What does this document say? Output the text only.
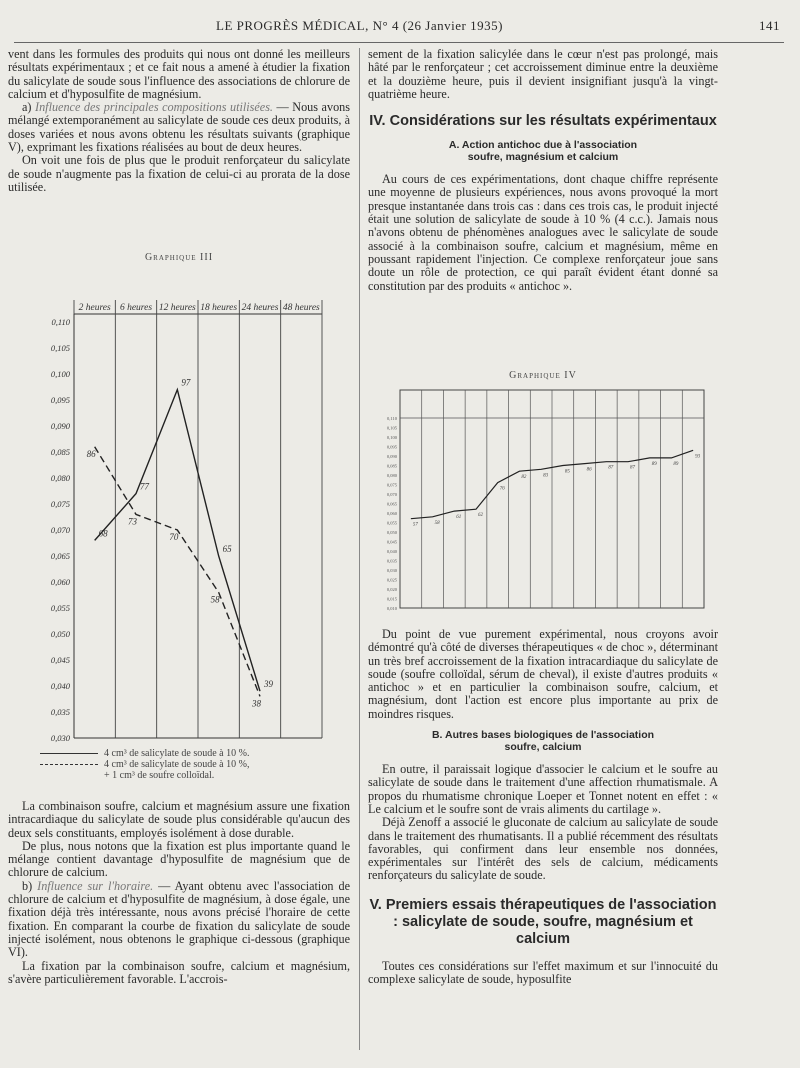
LE PROGRÈS MÉDICAL, N° 4 (26 Janvier 1935)	141

vent dans les formules des produits qui nous ont donné les meilleurs résultats expérimentaux ; et ce fait nous a amené à étudier la fixation du salicylate de soude sous l'influence des associations de chlorure de calcium et d'hyposulfite de magnésium.

a) Influence des principales compositions utilisées. — Nous avons mélangé extemporanément au salicylate de soude ces deux produits, à doses variées et nous avons obtenu les résultats suivants (graphique V), exprimant les fixations réalisées au bout de deux heures.

On voit une fois de plus que le produit renforçateur du salicylate de soude n'augmente pas la fixation de celui-ci au prorata de la dose utilisée.

Graphique III
2 heures 6 heures 12 heures 18 heures 24 heures 48 heures
0,110
0,105
0,100
0,095
0,090
0,085
0,080
0,075
0,070
0,065
0,060
0,055
0,050
0,045
0,040
0,035
0,030
68
77
97
65
39
86
73
70
58
38
4 cm³ de salicylate de soude à 10 %.
4 cm³ de salicylate de soude à 10 %,
+ 1 cm³ de soufre colloïdal.

La combinaison soufre, calcium et magnésium assure une fixation intracardiaque du salicylate de soude plus considérable qu'aucun des deux sels constituants, employés isolément à dose durable.

De plus, nous notons que la fixation est plus importante quand le mélange contient davantage d'hyposulfite de magnésium que de chlorure de calcium.

b) Influence sur l'horaire. — Ayant obtenu avec l'association de chlorure de calcium et d'hyposulfite de magnésium, à dose égale, une fixation déjà très intéressante, nous avons précisé l'horaire de cette fixation. En comparant la courbe de fixation du salicylate de soude injecté isolément, nous obtenons le graphique ci-dessous (graphique VI).

La fixation par la combinaison soufre, calcium et magnésium, s'avère particulièrement favorable. L'accrois-

sement de la fixation salicylée dans le cœur n'est pas prolongé, mais hâté par le renforçateur ; cet accroissement diminue entre la deuxième et la douzième heure, puis il devient insignifiant jusqu'à la vingt-quatrième heure.

IV. Considérations sur les résultats expérimentaux
A. Action antichoc due à l'association
soufre, magnésium et calcium

Au cours de ces expérimentations, dont chaque chiffre représente une moyenne de plusieurs expériences, nous avons provoqué la mort presque instantanée dans trois cas : dans ces trois cas, le produit injecté était une solution de salicylate de soude à 10 % (4 c.c.). Jamais nous n'avons obtenu de phénomènes analogues avec le salicylate de soude associé à la combinaison soufre, calcium et magnésium, même en poussant rapidement l'injection. Ce complexe renforçateur joue sans doute un rôle de protection, ce qui paraît évident étant donné sa constitution par des produits « antichoc ».

Graphique IV
0,110
0,105
0,100
0,095
0,090
0,085
0,080
0,075
0,070
0,065
0,060
0,055
0,050
0,045
0,040
0,035
0,030
0,025
0,020
0,015
0,010
57	58
61	62
76
82	83
85	86	87	87
89	89
93

Du point de vue purement expérimental, nous croyons avoir démontré qu'à côté de diverses thérapeutiques « de choc », déterminant un très bref accroissement de la fixation intracardiaque du salicylate de soude (soufre colloïdal, sérum de cheval), il existe d'autres produits « antichoc » et en particulier la combinaison soufre, calcium, et magnésium, dont l'action est encore plus importante au prix de moindres risques.

B. Autres bases biologiques de l'association
soufre, calcium

En outre, il paraissait logique d'associer le calcium et le soufre au salicylate de soude dans le traitement d'une affection rhumatismale. A propos du rhumatisme chronique Loeper et Tonnet notent en effet : « Le calcium et le soufre sont de vrais aliments du cartilage ».

Déjà Zenoff a associé le gluconate de calcium au salicylate de soude dans le traitement des rhumatisants. Il a publié récemment des résultats favorables, qui confirment dans leur ensemble nos données, expérimentales sur l'intérêt des sels de calcium, médicaments renforçateurs du salicylate de soude.

V. Premiers essais thérapeutiques de l'association : salicylate de soude, soufre, magnésium et calcium

Toutes ces considérations sur l'effet maximum et sur l'innocuité du complexe salicylate de soude, hyposulfite
